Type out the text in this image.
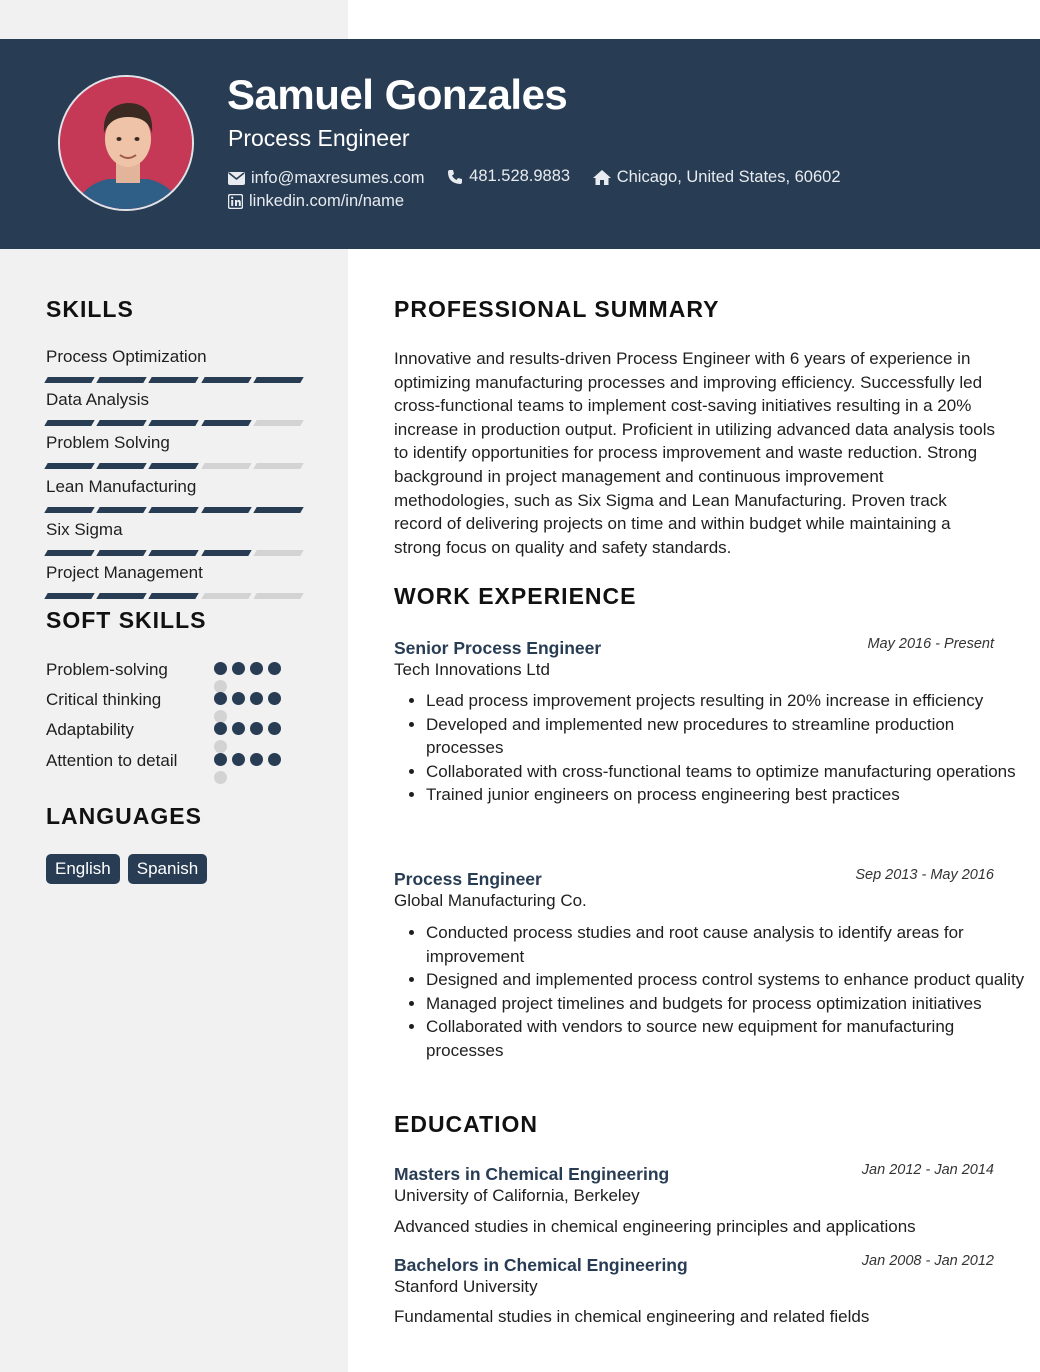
Samuel Gonzales
Process Engineer
info@maxresumes.com
	481.528.9883
	Chicago, United States, 60602
linkedin.com/in/name
SKILLS
Process Optimization
Data Analysis
Problem Solving
Lean Manufacturing
Six Sigma
Project Management
SOFT SKILLS
Problem-solving
Critical thinking
Adaptability
Attention to detail
LANGUAGES
English	Spanish
PROFESSIONAL SUMMARY
Innovative and results-driven Process Engineer with 6 years of experience in optimizing manufacturing processes and improving efficiency. Successfully led cross-functional teams to implement cost-saving initiatives resulting in a 20% increase in production output. Proficient in utilizing advanced data analysis tools to identify opportunities for process improvement and waste reduction. Strong background in project management and continuous improvement methodologies, such as Six Sigma and Lean Manufacturing. Proven track record of delivering projects on time and within budget while maintaining a strong focus on quality and safety standards.
WORK EXPERIENCE
Senior Process Engineer	May 2016 - Present
Tech Innovations Ltd
• Lead process improvement projects resulting in 20% increase in efficiency
• Developed and implemented new procedures to streamline production processes
• Collaborated with cross-functional teams to optimize manufacturing operations
• Trained junior engineers on process engineering best practices
Process Engineer	Sep 2013 - May 2016
Global Manufacturing Co.
• Conducted process studies and root cause analysis to identify areas for improvement
• Designed and implemented process control systems to enhance product quality
• Managed project timelines and budgets for process optimization initiatives
• Collaborated with vendors to source new equipment for manufacturing processes
EDUCATION
Masters in Chemical Engineering	Jan 2012 - Jan 2014
University of California, Berkeley
Advanced studies in chemical engineering principles and applications
Bachelors in Chemical Engineering	Jan 2008 - Jan 2012
Stanford University
Fundamental studies in chemical engineering and related fields
